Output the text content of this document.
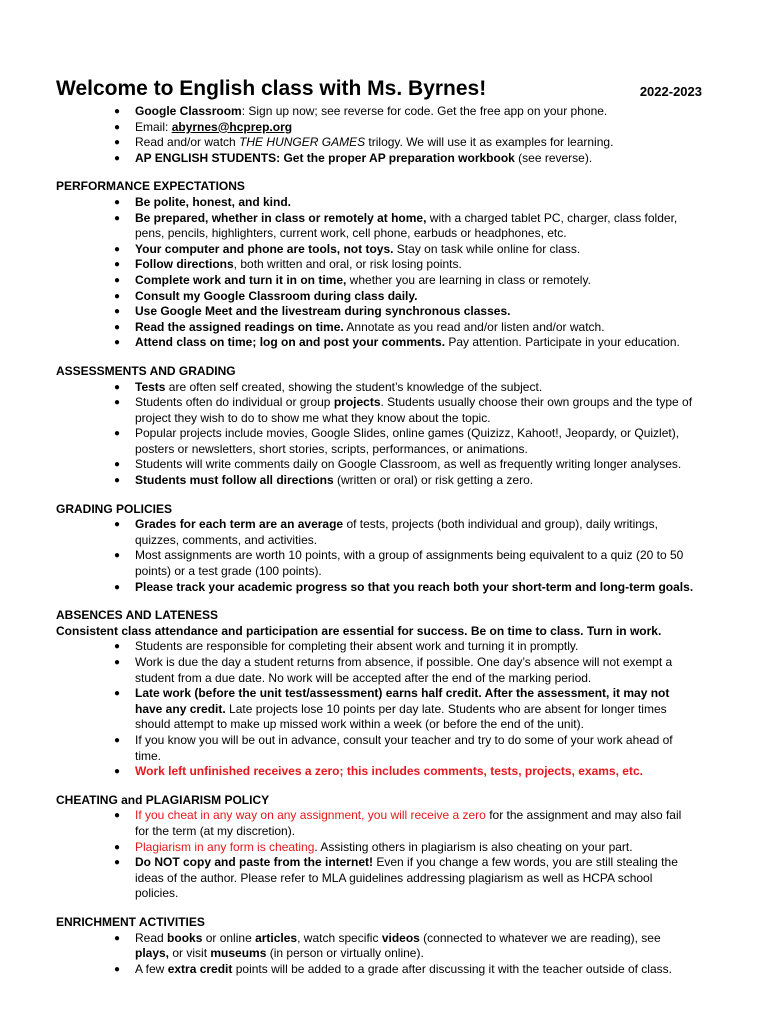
Welcome to English class with Ms. Byrnes!	2022-2023
● Google Classroom: Sign up now; see reverse for code. Get the free app on your phone.
● Email: abyrnes@hcprep.org
● Read and/or watch THE HUNGER GAMES trilogy. We will use it as examples for learning.
● AP ENGLISH STUDENTS: Get the proper AP preparation workbook (see reverse).
PERFORMANCE EXPECTATIONS
● Be polite, honest, and kind.
● Be prepared, whether in class or remotely at home, with a charged tablet PC, charger, class folder, pens, pencils, highlighters, current work, cell phone, earbuds or headphones, etc.
● Your computer and phone are tools, not toys. Stay on task while online for class.
● Follow directions, both written and oral, or risk losing points.
● Complete work and turn it in on time, whether you are learning in class or remotely.
● Consult my Google Classroom during class daily.
● Use Google Meet and the livestream during synchronous classes.
● Read the assigned readings on time. Annotate as you read and/or listen and/or watch.
● Attend class on time; log on and post your comments. Pay attention. Participate in your education.
ASSESSMENTS AND GRADING
● Tests are often self created, showing the student’s knowledge of the subject.
● Students often do individual or group projects. Students usually choose their own groups and the type of project they wish to do to show me what they know about the topic.
● Popular projects include movies, Google Slides, online games (Quizizz, Kahoot!, Jeopardy, or Quizlet), posters or newsletters, short stories, scripts, performances, or animations.
● Students will write comments daily on Google Classroom, as well as frequently writing longer analyses.
● Students must follow all directions (written or oral) or risk getting a zero.
GRADING POLICIES
● Grades for each term are an average of tests, projects (both individual and group), daily writings, quizzes, comments, and activities.
● Most assignments are worth 10 points, with a group of assignments being equivalent to a quiz (20 to 50 points) or a test grade (100 points).
● Please track your academic progress so that you reach both your short-term and long-term goals.
ABSENCES AND LATENESS
Consistent class attendance and participation are essential for success. Be on time to class. Turn in work.
● Students are responsible for completing their absent work and turning it in promptly.
● Work is due the day a student returns from absence, if possible. One day’s absence will not exempt a student from a due date. No work will be accepted after the end of the marking period.
● Late work (before the unit test/assessment) earns half credit. After the assessment, it may not have any credit. Late projects lose 10 points per day late. Students who are absent for longer times should attempt to make up missed work within a week (or before the end of the unit).
● If you know you will be out in advance, consult your teacher and try to do some of your work ahead of time.
● Work left unfinished receives a zero; this includes comments, tests, projects, exams, etc.
CHEATING and PLAGIARISM POLICY
● If you cheat in any way on any assignment, you will receive a zero for the assignment and may also fail for the term (at my discretion).
● Plagiarism in any form is cheating. Assisting others in plagiarism is also cheating on your part.
● Do NOT copy and paste from the internet! Even if you change a few words, you are still stealing the ideas of the author. Please refer to MLA guidelines addressing plagiarism as well as HCPA school policies.
ENRICHMENT ACTIVITIES
● Read books or online articles, watch specific videos (connected to whatever we are reading), see plays, or visit museums (in person or virtually online).
● A few extra credit points will be added to a grade after discussing it with the teacher outside of class.
